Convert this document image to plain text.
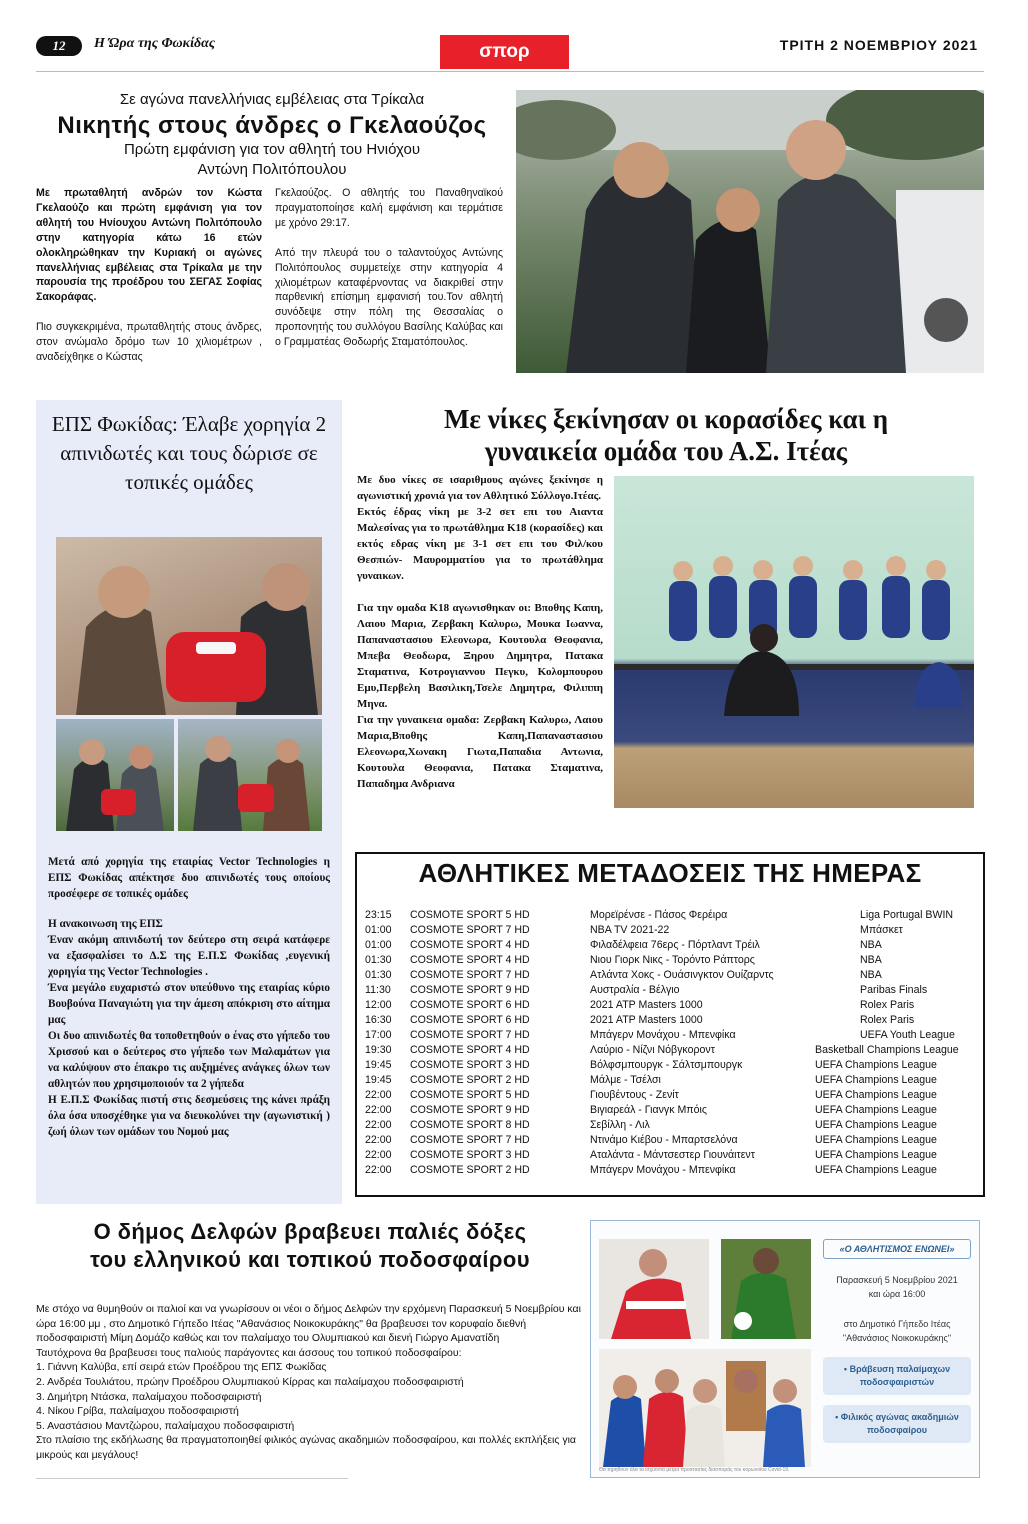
12	Η Ώρα της Φωκίδας	σπορ	ΤΡΙΤΗ 2 ΝΟΕΜΒΡΙΟΥ 2021
Σε αγώνα πανελλήνιας εμβέλειας στα Τρίκαλα
Νικητής στους άνδρες ο Γκελαούζος
Πρώτη εμφάνιση για τον αθλητή του Ηνιόχου
Αντώνη Πολιτόπουλου

Με πρωταθλητή ανδρών τον Κώστα Γκελαούζο και πρώτη εμφάνιση για τον αθλητή του Ηνίουχου Αντώνη Πολιτόπουλο στην κατηγορία κάτω 16 ετών ολοκληρώθηκαν την Κυριακή οι αγώνες πανελλήνιας εμβέλειας στα Τρίκαλα με την παρουσία της προέδρου του ΣΕΓΑΣ Σοφίας Σακοράφας.

Πιο συγκεκριμένα, πρωταθλητής στους άνδρες, στον ανώμαλο δρόμο των 10 χιλιομέτρων , αναδείχθηκε ο Κώστας

Γκελαούζος. Ο αθλητής του Παναθηναϊκού πραγματοποίησε καλή εμφάνιση και τερμάτισε με χρόνο 29:17.

Από την πλευρά του ο ταλαντούχος Αντώνης Πολιτόπουλος συμμετείχε στην κατηγορία 4 χιλιομέτρων καταφέρνοντας να διακριθεί στην παρθενική επίσημη εμφανισή του.Τον αθλητή συνόδεψε στην πόλη της Θεσσαλίας ο προπονητής του συλλόγου Βασίλης Καλύβας και ο Γραμματέας Θοδωρής Σταματόπουλος.

ΕΠΣ Φωκίδας: Έλαβε χορηγία 2 απινιδωτές και τους δώρισε σε τοπικές ομάδες

Μετά από χορηγία της εταιρίας Vector Technologies η ΕΠΣ Φωκίδας απέκτησε δυο απινιδωτές τους οποίους προσέφερε σε τοπικές ομάδες

Η ανακοινωση της ΕΠΣ

Έναν ακόμη απινιδωτή τον δεύτερο στη σειρά κατάφερε να εξασφαλίσει το Δ.Σ της Ε.Π.Σ Φωκίδας ,ευγενική χορηγία της Vector Technologies .

Ένα μεγάλο ευχαριστώ στον υπεύθυνο της εταιρίας κύριο Βουβούνα Παναγιώτη για την άμεση απόκριση στο αίτημα μας

Οι δυο απινιδωτές θα τοποθετηθούν ο ένας στο γήπεδο του Χρισσού και ο δεύτερος στο γήπεδο των Μαλαμάτων για να καλύψουν στο έπακρο τις αυξημένες ανάγκες όλων των αθλητών που χρησιμοποιούν τα 2 γήπεδα

Η Ε.Π.Σ Φωκίδας πιστή στις δεσμεύσεις της κάνει πράξη όλα όσα υποσχέθηκε για να διευκολύνει την (αγωνιστική ) ζωή όλων των ομάδων του Νομού μας

Με νίκες ξεκίνησαν οι κορασίδες και η
γυναικεία ομάδα του Α.Σ. Ιτέας

Με δυο νίκες σε ισαριθμους αγώνες ξεκίνησε η αγωνιστική χρονιά για τον Αθλητικό Σύλλογο.Ιτέας.

Εκτός έδρας νίκη με 3-2 σετ επι του Αιαντα Μαλεσίνας για το πρωτάθλημα Κ18 (κορασίδες) και εκτός εδρας νίκη με 3-1 σετ επι του Φιλ/κου Θεσπιών- Μαυρομματίου για το πρωτάθλημα γυναικων.

Για την ομαδα Κ18 αγωνισθηκαν οι: Βποθης Καπη, Λαιου Μαρια, Ζερβακη Καλυρω, Μουκα Ιωαννα, Παπαναστασιου Ελεονωρα, Κουτουλα Θεοφανια, Μπεβα Θεοδωρα, Ξηρου Δημητρα, Πατακα Σταματινα, Κοτρογιαννου Πεγκυ, Κολομπουρου Εμυ,Περβελη Βασιλικη,Τσελε Δημητρα, Φιλιππη Μηνα.

Για την γυναικεια ομαδα: Ζερβακη Καλυρω, Λαιου Μαρια,Βποθης Καπη,Παπαναστασιου Ελεονωρα,Χωνακη Γιωτα,Παπαδια Αντωνια, Κουτουλα Θεοφανια, Πατακα Σταματινα, Παπαδημα Ανδριανα

ΑΘΛΗΤΙΚΕΣ ΜΕΤΑΔΟΣΕΙΣ ΤΗΣ ΗΜΕΡΑΣ
23:15 COSMOTE SPORT 5 HD	Μορεϊρένσε - Πάσος Φερέιρα	Liga Portugal BWIN
01:00 COSMOTE SPORT 7 HD	NBA TV 2021-22	Μπάσκετ
01:00 COSMOTE SPORT 4 HD	Φιλαδέλφεια 76ερς - Πόρτλαντ Τρέιλ	NBA
01:30 COSMOTE SPORT 4 HD	Νιου Γιορκ Νικς - Τορόντο Ράπτορς	NBA
01:30 COSMOTE SPORT 7 HD	Ατλάντα Χοκς - Ουάσινγκτον Ουίζαρντς	NBA
11:30 COSMOTE SPORT 9 HD	Αυστραλία - Βέλγιο	Paribas Finals
12:00 COSMOTE SPORT 6 HD	2021 ATP Masters 1000	Rolex Paris
16:30 COSMOTE SPORT 6 HD	2021 ATP Masters 1000	Rolex Paris
17:00 COSMOTE SPORT 7 HD	Μπάγερν Μονάχου - Μπενφίκα	UEFA Youth League
19:30 COSMOTE SPORT 4 HD	Λαύριο - Νίζνι Νόβγκοροντ	Basketball Champions League
19:45 COSMOTE SPORT 3 HD	Βόλφσμπουργκ - Σάλτσμπουργκ	UEFA Champions League
19:45 COSMOTE SPORT 2 HD	Μάλμε - Τσέλσι	UEFA Champions League
22:00 COSMOTE SPORT 5 HD	Γιουβέντους - Ζενίτ	UEFA Champions League
22:00 COSMOTE SPORT 9 HD	Βιγιαρεάλ - Γιανγκ Μπόις	UEFA Champions League
22:00 COSMOTE SPORT 8 HD	Σεβίλλη - Λιλ	UEFA Champions League
22:00 COSMOTE SPORT 7 HD	Ντινάμο Κιέβου - Μπαρτσελόνα	UEFA Champions League
22:00 COSMOTE SPORT 3 HD	Αταλάντα - Μάντσεστερ Γιουνάιτεντ	UEFA Champions League
22:00 COSMOTE SPORT 2 HD	Μπάγερν Μονάχου - Μπενφίκα	UEFA Champions League
Ο δήμος Δελφών βραβευει παλιές δόξες
του ελληνικού και τοπικού ποδοσφαίρου

Με στόχο να θυμηθούν οι παλιοί και να γνωρίσουν οι νέοι ο δήμος Δελφών την ερχόμενη Παρασκευή 5 Νοεμβρίου και ώρα 16:00 μμ , στο Δημοτικό Γήπεδο Ιτέας "Αθανάσιος Νοικοκυράκης" θα βραβευσει τον κορυφαίο διεθνή ποδοσφαιριστή Μίμη Δομάζο καθώς και τον παλαίμαχο του Ολυμπιακού και διενή Γιώργο Αμανατίδη

Ταυτόχρονα θα βραβευσει τους παλιούς παράγοντες και άσσους του τοπικού ποδοσφαίρου:

1. Γιάννη Καλύβα, επί σειρά ετών Προέδρου της ΕΠΣ Φωκίδας

2. Ανδρέα Τουλιάτου, πρώην Προέδρου Ολυμπιακού Κίρρας και παλαίμαχου ποδοσφαιριστή

3. Δημήτρη Ντάσκα, παλαίμαχου ποδοσφαιριστή

4. Νίκου Γρίβα, παλαίμαχου ποδοσφαιριστή

5. Αναστάσιου Μαντζώρου, παλαίμαχου ποδοσφαιριστή

Στο πλαίσιο της εκδήλωσης θα πραγματοποιηθεί φιλικός αγώνας ακαδημιών ποδοσφαίρου, και πολλές εκπλήξεις για μικρούς και μεγάλους!

«Ο ΑΘΛΗΤΙΣΜΟΣ ΕΝΩΝΕΙ»
Παρασκευή 5 Νοεμβρίου 2021
και ώρα 16:00
στο Δημοτικό Γήπεδο Ιτέας
"Αθανάσιος Νοικοκυράκης"
• Βράβευση παλαίμαχων
ποδοσφαιριστών
• Φιλικός αγώνας ακαδημιών
ποδοσφαίρου
Θα τηρηθούν όλα τα ισχύοντα μέτρα προστασίας διασποράς του κορωνοϊού Covid-19.
